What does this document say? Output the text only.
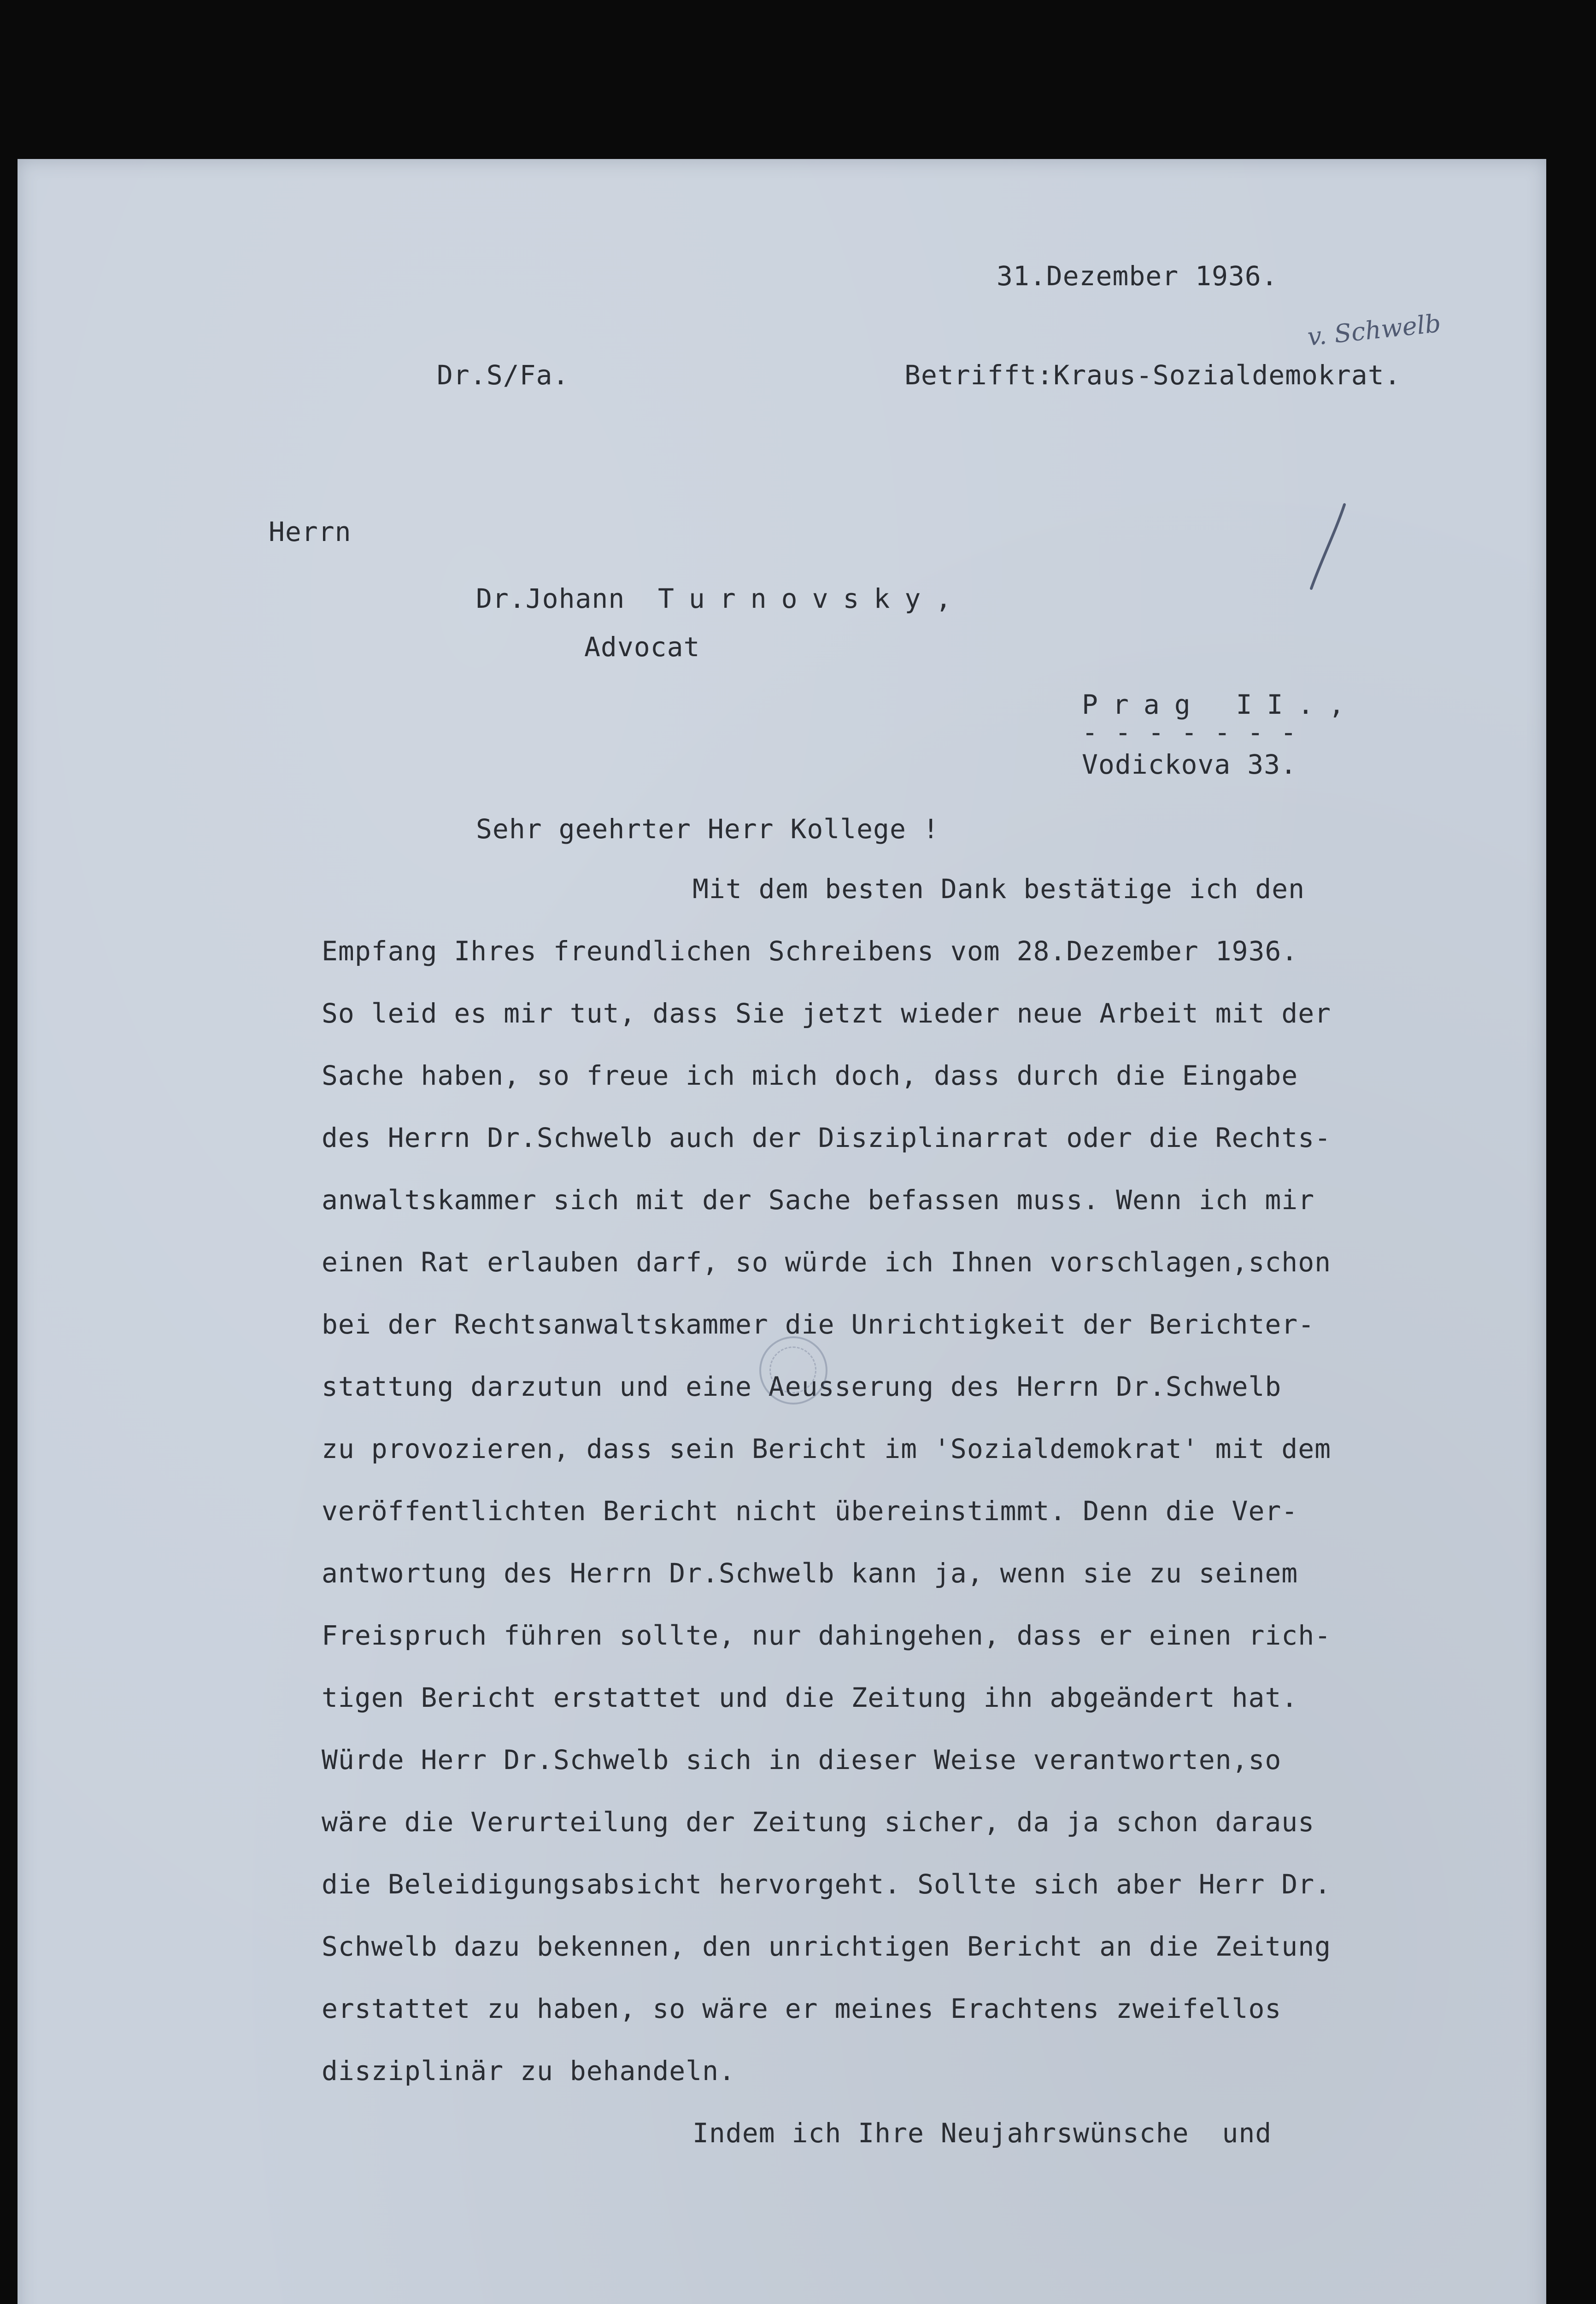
31.Dezember 1936.
Dr.S/Fa.	Betrifft:Kraus-Sozialdemokrat.
v. Schwelb
Herrn
Dr.Johann Turnovsky,
Advocat
Prag II.,
- - - - - - -
Vodickova 33.
Sehr geehrter Herr Kollege !
Mit dem besten Dank bestätige ich den
Empfang Ihres freundlichen Schreibens vom 28.Dezember 1936.
So leid es mir tut, dass Sie jetzt wieder neue Arbeit mit der
Sache haben, so freue ich mich doch, dass durch die Eingabe
des Herrn Dr.Schwelb auch der Disziplinarrat oder die Rechts-
anwaltskammer sich mit der Sache befassen muss. Wenn ich mir
einen Rat erlauben darf, so würde ich Ihnen vorschlagen,schon
bei der Rechtsanwaltskammer die Unrichtigkeit der Berichter-
stattung darzutun und eine Aeusserung des Herrn Dr.Schwelb
zu provozieren, dass sein Bericht im 'Sozialdemokrat' mit dem
veröffentlichten Bericht nicht übereinstimmt. Denn die Ver-
antwortung des Herrn Dr.Schwelb kann ja, wenn sie zu seinem
Freispruch führen sollte, nur dahingehen, dass er einen rich-
tigen Bericht erstattet und die Zeitung ihn abgeändert hat.
Würde Herr Dr.Schwelb sich in dieser Weise verantworten,so
wäre die Verurteilung der Zeitung sicher, da ja schon daraus
die Beleidigungsabsicht hervorgeht. Sollte sich aber Herr Dr.
Schwelb dazu bekennen, den unrichtigen Bericht an die Zeitung
erstattet zu haben, so wäre er meines Erachtens zweifellos
disziplinär zu behandeln.
Indem ich Ihre Neujahrswünsche  und
